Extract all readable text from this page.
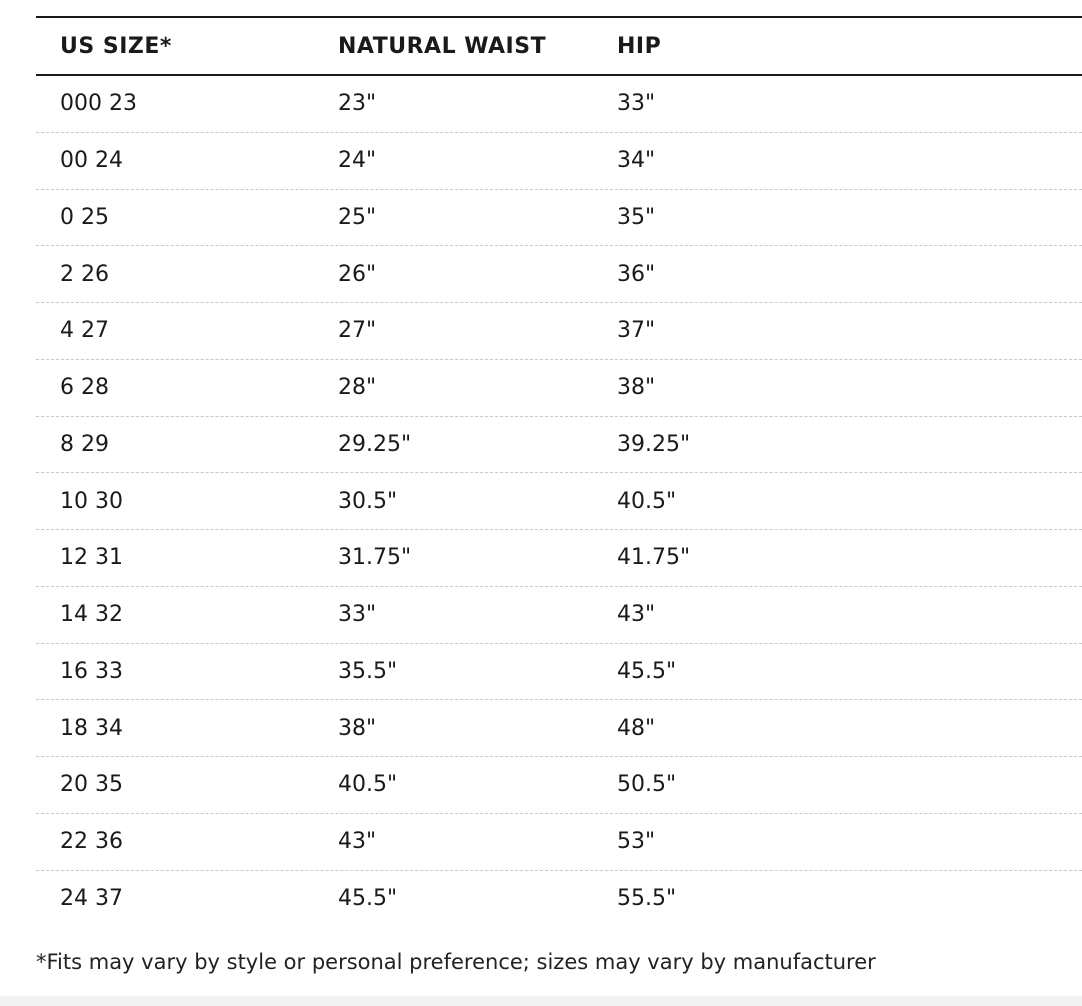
US SIZE*	NATURAL WAIST	HIP
000 23	23"	33"
00 24	24"	34"
0 25	25"	35"
2 26	26"	36"
4 27	27"	37"
6 28	28"	38"
8 29	29.25"	39.25"
10 30	30.5"	40.5"
12 31	31.75"	41.75"
14 32	33"	43"
16 33	35.5"	45.5"
18 34	38"	48"
20 35	40.5"	50.5"
22 36	43"	53"
24 37	45.5"	55.5"
*Fits may vary by style or personal preference; sizes may vary by manufacturer
